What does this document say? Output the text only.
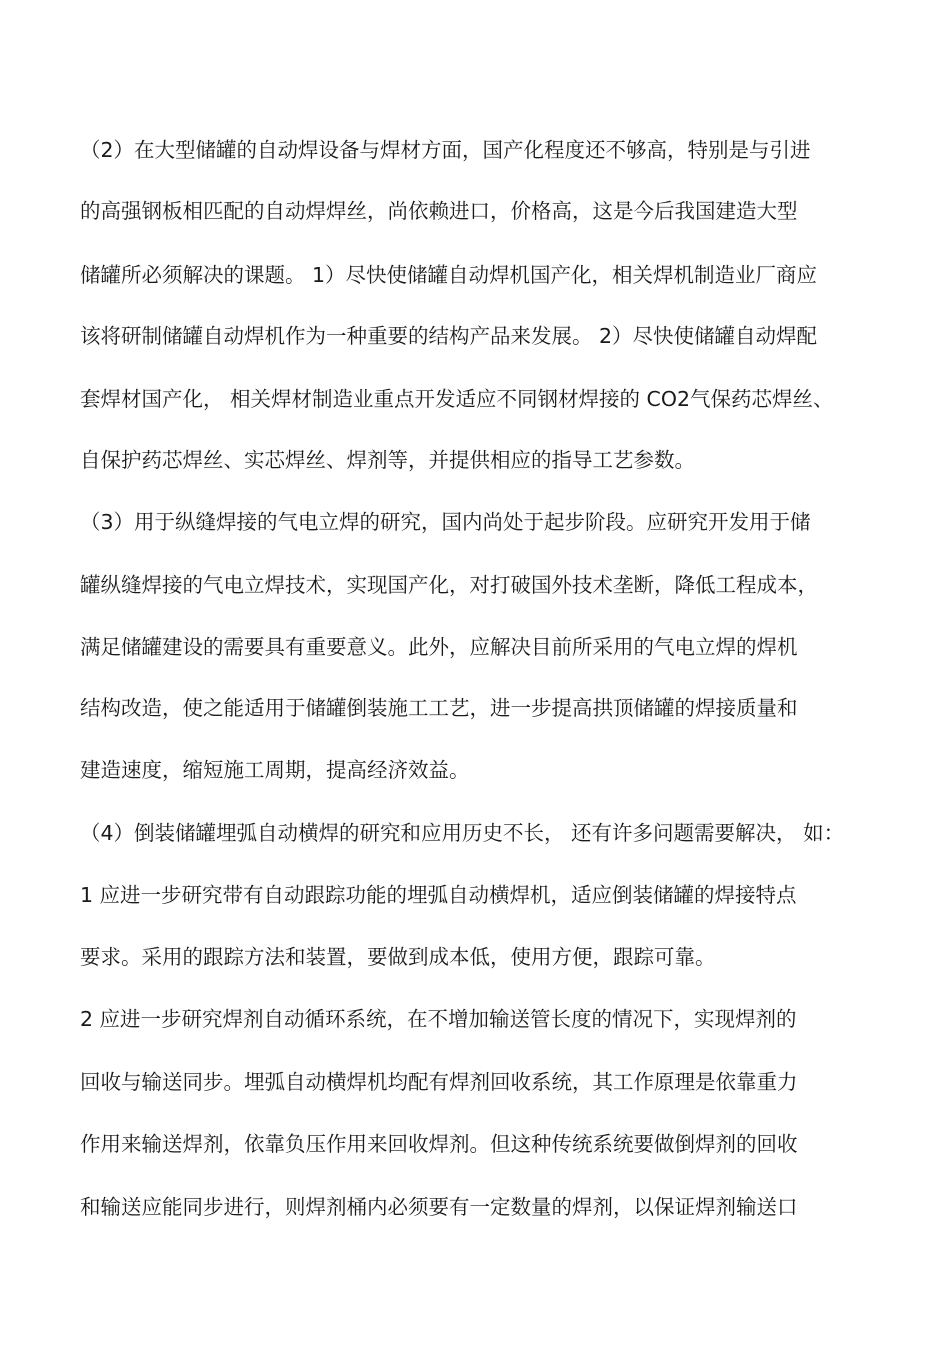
（2）在大型储罐的自动焊设备与焊材方面，国产化程度还不够高，特别是与引进

的高强钢板相匹配的自动焊焊丝，尚依赖进口，价格高，这是今后我国建造大型

储罐所必须解决的课题。 1）尽快使储罐自动焊机国产化，相关焊机制造业厂商应

该将研制储罐自动焊机作为一种重要的结构产品来发展。 2）尽快使储罐自动焊配

套焊材国产化， 相关焊材制造业重点开发适应不同钢材焊接的 CO2气保药芯焊丝、

自保护药芯焊丝、实芯焊丝、焊剂等，并提供相应的指导工艺参数。

（3）用于纵缝焊接的气电立焊的研究，国内尚处于起步阶段。应研究开发用于储

罐纵缝焊接的气电立焊技术，实现国产化，对打破国外技术垄断，降低工程成本，

满足储罐建设的需要具有重要意义。此外，应解决目前所采用的气电立焊的焊机

结构改造，使之能适用于储罐倒装施工工艺，进一步提高拱顶储罐的焊接质量和

建造速度，缩短施工周期，提高经济效益。

（4）倒装储罐埋弧自动横焊的研究和应用历史不长， 还有许多问题需要解决， 如：

1 应进一步研究带有自动跟踪功能的埋弧自动横焊机，适应倒装储罐的焊接特点

要求。采用的跟踪方法和装置，要做到成本低，使用方便，跟踪可靠。

2 应进一步研究焊剂自动循环系统，在不增加输送管长度的情况下，实现焊剂的

回收与输送同步。埋弧自动横焊机均配有焊剂回收系统，其工作原理是依靠重力

作用来输送焊剂，依靠负压作用来回收焊剂。但这种传统系统要做倒焊剂的回收

和输送应能同步进行，则焊剂桶内必须要有一定数量的焊剂，以保证焊剂输送口
